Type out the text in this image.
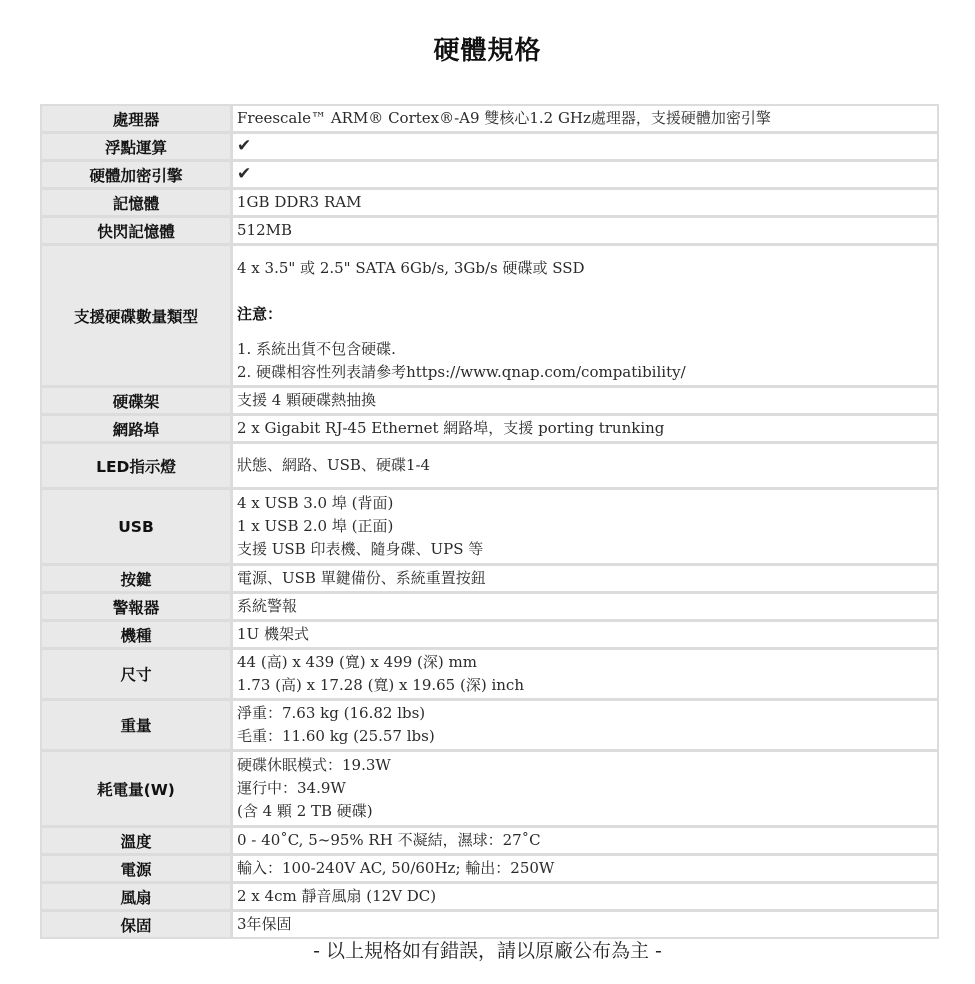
硬體規格
處理器	Freescale™ ARM® Cortex®-A9 雙核心1.2 GHz處理器，支援硬體加密引擎

浮點運算	✔

硬體加密引擎	✔

記憶體	1GB DDR3 RAM

快閃記憶體	512MB

支援硬碟數量類型	4 x 3.5" 或 2.5" SATA 6Gb/s, 3Gb/s 硬碟或 SSD
注意：
1. 系統出貨不包含硬碟.
2. 硬碟相容性列表請參考https://www.qnap.com/compatibility/

硬碟架	支援 4 顆硬碟熱抽換

網路埠	2 x Gigabit RJ-45 Ethernet 網路埠，支援 porting trunking

LED指示燈	狀態、網路、USB、硬碟1-4

USB	4 x USB 3.0 埠 (背面)
1 x USB 2.0 埠 (正面)
支援 USB 印表機、隨身碟、UPS 等

按鍵	電源、USB 單鍵備份、系統重置按鈕

警報器	系統警報

機種	1U 機架式

尺寸	44 (高) x 439 (寬) x 499 (深) mm
1.73 (高) x 17.28 (寬) x 19.65 (深) inch

重量	淨重：7.63 kg (16.82 lbs)
毛重：11.60 kg (25.57 lbs)

耗電量(W)	硬碟休眠模式：19.3W
運行中：34.9W
(含 4 顆 2 TB 硬碟)

溫度	0 - 40˚C, 5~95% RH 不凝結，濕球：27˚C

電源	輸入：100-240V AC, 50/60Hz; 輸出：250W

風扇	2 x 4cm 靜音風扇 (12V DC)

保固	3年保固
- 以上規格如有錯誤，請以原廠公布為主 -
